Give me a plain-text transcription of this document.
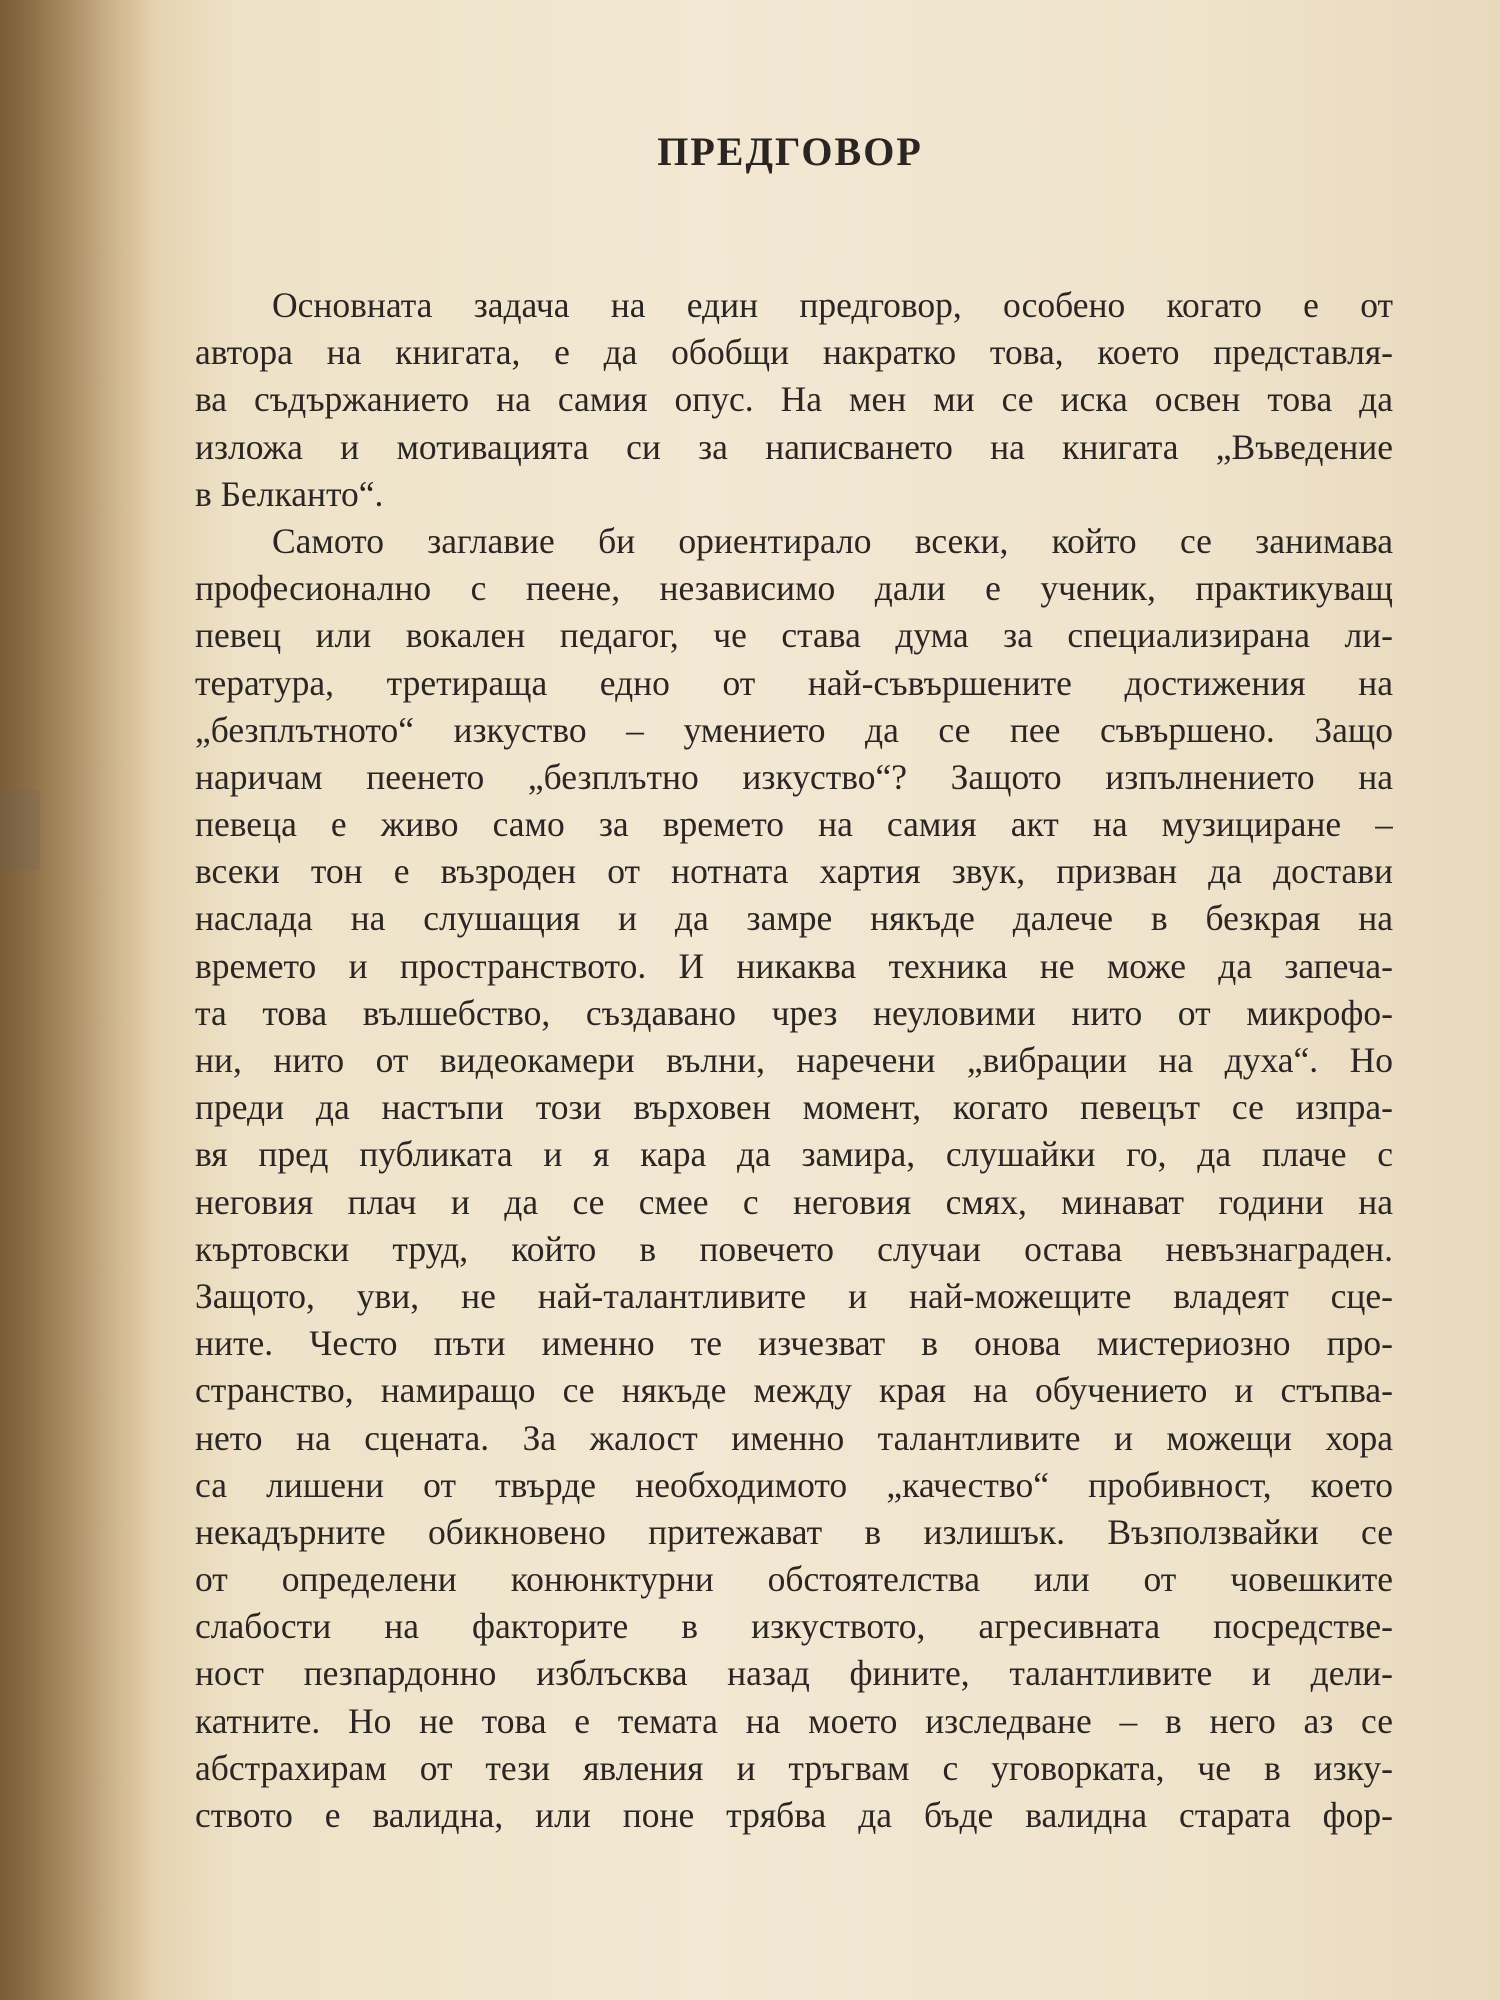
ПРЕДГОВОР
Основната задача на един предговор, особено когато е от
автора на книгата, е да обобщи накратко това, което представля-
ва съдържанието на самия опус. На мен ми се иска освен това да
изложа и мотивацията си за написването на книгата „Въведение
в Белканто“.
Самото заглавие би ориентирало всеки, който се занимава
професионално с пеене, независимо дали е ученик, практикуващ
певец или вокален педагог, че става дума за специализирана ли-
тература, третираща едно от най-съвършените достижения на
„безплътното“ изкуство – умението да се пее съвършено. Защо
наричам пеенето „безплътно изкуство“? Защото изпълнението на
певеца е живо само за времето на самия акт на музициране –
всеки тон е възроден от нотната хартия звук, призван да достави
наслада на слушащия и да замре някъде далече в безкрая на
времето и пространството. И никаква техника не може да запеча-
та това вълшебство, създавано чрез неуловими нито от микрофо-
ни, нито от видеокамери вълни, наречени „вибрации на духа“. Но
преди да настъпи този върховен момент, когато певецът се изпра-
вя пред публиката и я кара да замира, слушайки го, да плаче с
неговия плач и да се смее с неговия смях, минават години на
къртовски труд, който в повечето случаи остава невъзнаграден.
Защото, уви, не най-талантливите и най-можещите владеят сце-
ните. Често пъти именно те изчезват в онова мистериозно про-
странство, намиращо се някъде между края на обучението и стъпва-
нето на сцената. За жалост именно талантливите и можещи хора
са лишени от твърде необходимото „качество“ пробивност, което
некадърните обикновено притежават в излишък. Възползвайки се
от определени конюнктурни обстоятелства или от човешките
слабости на факторите в изкуството, агресивната посредстве-
ност пезпардонно изблъсква назад фините, талантливите и дели-
катните. Но не това е темата на моето изследване – в него аз се
абстрахирам от тези явления и тръгвам с уговорката, че в изку-
ството е валидна, или поне трябва да бъде валидна старата фор-
